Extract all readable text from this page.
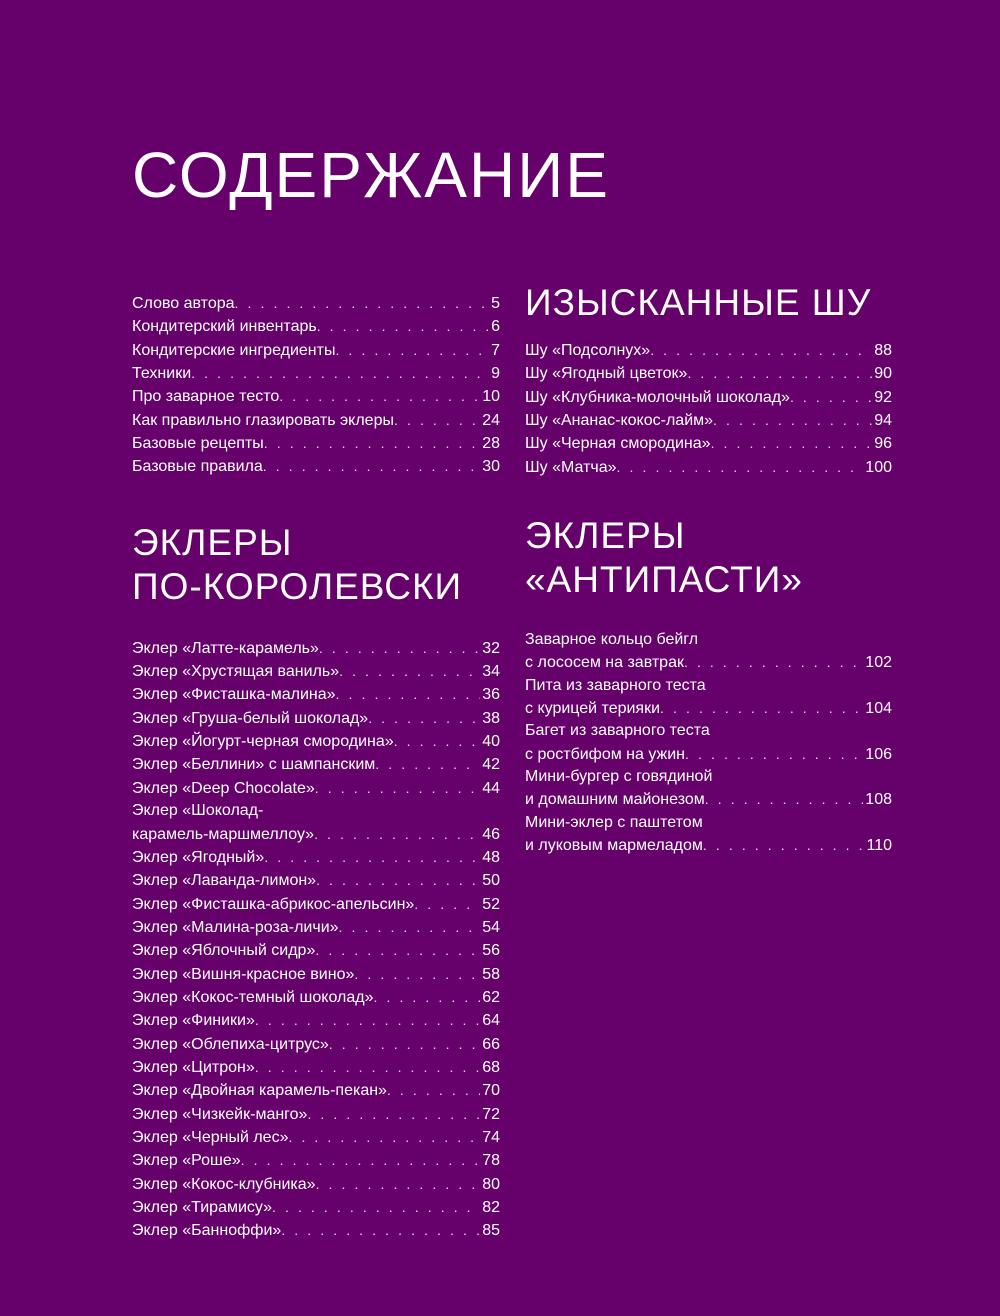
СОДЕРЖАНИЕ
Слово автора . . .	5
Кондитерский инвентарь . . .	6
Кондитерские ингредиенты . . .	7
Техники . . .	9
Про заварное тесто . . .	10
Как правильно глазировать эклеры . . .	24
Базовые рецепты . . .	28
Базовые правила . . .	30
ЭКЛЕРЫ
ПО-КОРОЛЕВСКИ
Эклер «Латте-карамель» . . .	32
Эклер «Хрустящая ваниль» . . .	34
Эклер «Фисташка-малина» . . .	36
Эклер «Груша-белый шоколад» . . .	38
Эклер «Йогурт-черная смородина» . . .	40
Эклер «Беллини» с шампанским . . .	42
Эклер «Deep Chocolate» . . .	44
Эклер «Шоколад-
карамель-маршмеллоу» . . .	46
Эклер «Ягодный» . . .	48
Эклер «Лаванда-лимон» . . .	50
Эклер «Фисташка-абрикос-апельсин» . . .	52
Эклер «Малина-роза-личи» . . .	54
Эклер «Яблочный сидр» . . .	56
Эклер «Вишня-красное вино» . . .	58
Эклер «Кокос-темный шоколад» . . .	62
Эклер «Финики» . . .	64
Эклер «Облепиха-цитрус» . . .	66
Эклер «Цитрон» . . .	68
Эклер «Двойная карамель-пекан» . . .	70
Эклер «Чизкейк-манго» . . .	72
Эклер «Черный лес» . . .	74
Эклер «Роше» . . .	78
Эклер «Кокос-клубника» . . .	80
Эклер «Тирамису» . . .	82
Эклер «Баннοффи» . . .	85
ИЗЫСКАННЫЕ ШУ
Шу «Подсолнух» . . .	88
Шу «Ягодный цветок» . . .	90
Шу «Клубника-молочный шоколад» . . .	92
Шу «Ананас-кокос-лайм» . . .	94
Шу «Черная смородина» . . .	96
Шу «Матча» . . .	100
ЭКЛЕРЫ
«АНТИПАСТИ»
Заварное кольцо бейгл
с лососем на завтрак . . .	102
Пита из заварного теста
с курицей терияки . . .	104
Багет из заварного теста
с ростбифом на ужин . . .	106
Мини-бургер с говядиной
и домашним майонезом . . .	108
Мини-эклер с паштетом
и луковым мармеладом . . .	110
